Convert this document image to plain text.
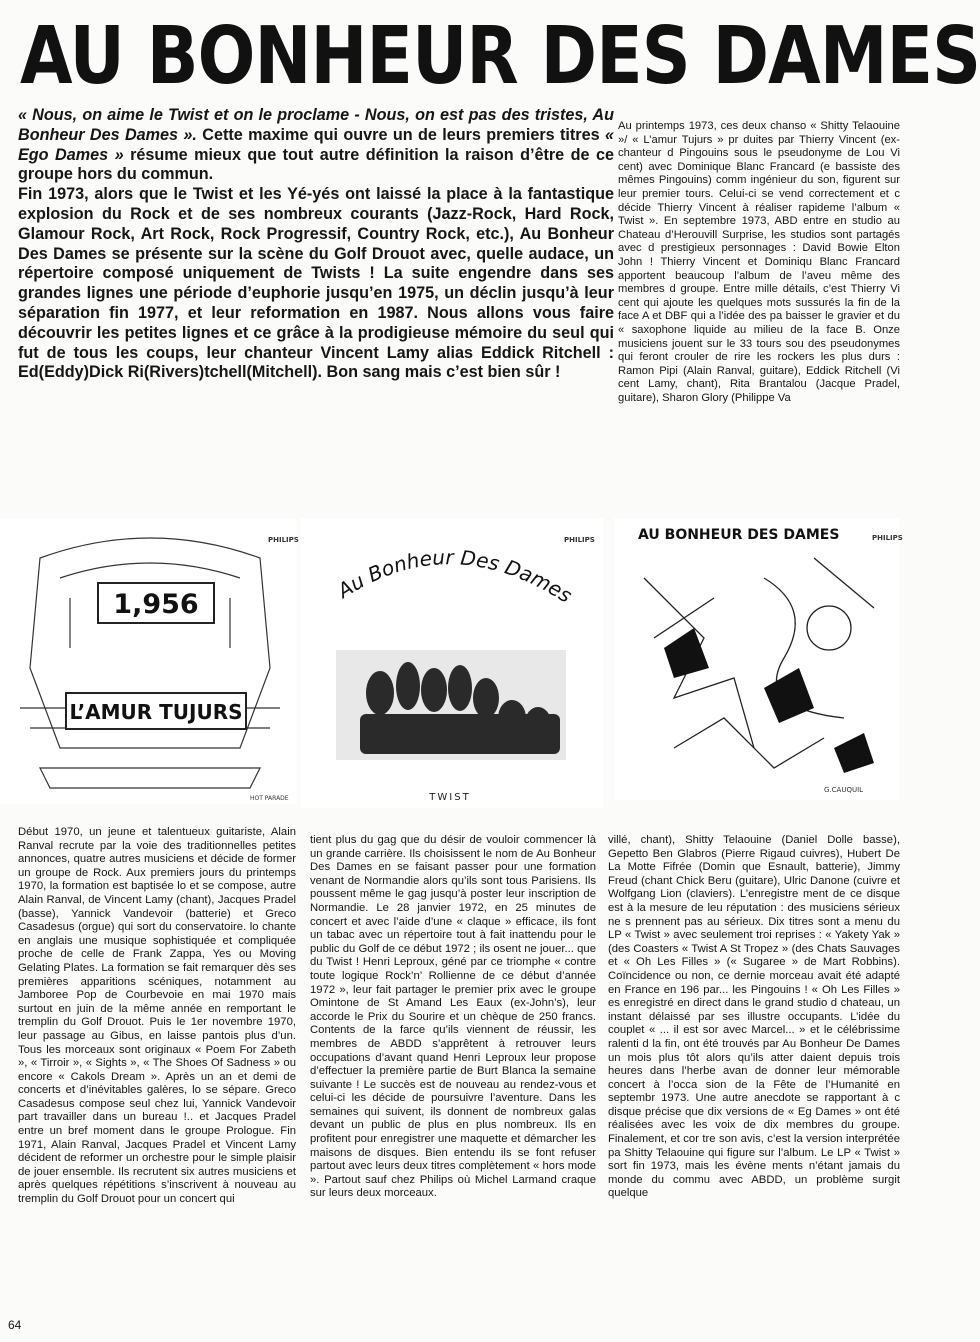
AU BONHEUR DES DAMES

« Nous, on aime le Twist et on le proclame - Nous, on est pas des tristes, Au Bonheur Des Dames ». Cette maxime qui ouvre un de leurs premiers titres « Ego Dames » résume mieux que tout autre définition la raison d’être de ce groupe hors du commun.

Fin 1973, alors que le Twist et les Yé-yés ont laissé la place à la fantastique explosion du Rock et de ses nombreux courants (Jazz-Rock, Hard Rock, Glamour Rock, Art Rock, Rock Progressif, Country Rock, etc.), Au Bonheur Des Dames se présente sur la scène du Golf Drouot avec, quelle audace, un répertoire composé uniquement de Twists ! La suite engendre dans ses grandes lignes une période d’euphorie jusqu’en 1975, un déclin jusqu’à leur séparation fin 1977, et leur reformation en 1987. Nous allons vous faire découvrir les petites lignes et ce grâce à la prodigieuse mémoire du seul qui fut de tous les coups, leur chanteur Vincent Lamy alias Eddick Ritchell : Ed(Eddy)Dick Ri(Rivers)tchell(Mitchell). Bon sang mais c’est bien sûr !

Au printemps 1973, ces deux chanso « Shitty Telaouine »/ « L’amur Tujurs » pr duites par Thierry Vincent (ex-chanteur d Pingouins sous le pseudonyme de Lou Vi cent) avec Dominique Blanc Francard (e bassiste des mêmes Pingouins) comm ingénieur du son, figurent sur leur premier tours. Celui-ci se vend correctement et c décide Thierry Vincent à réaliser rapideme l’album « Twist ». En septembre 1973, ABD entre en studio au Chateau d’Herouvill Surprise, les studios sont partagés avec d prestigieux personnages : David Bowie Elton John ! Thierry Vincent et Dominiqu Blanc Francard apportent beaucoup l’album de l’aveu même des membres d groupe. Entre mille détails, c’est Thierry Vi cent qui ajoute les quelques mots sussurés la fin de la face A et DBF qui a l’idée des pa baisser le gravier et du « saxophone liquide au milieu de la face B. Onze musiciens jouent sur le 33 tours sou des pseudonymes qui feront crouler de rire les rockers les plus durs : Ramon Pipi (Alain Ranval, guitare), Eddick Ritchell (Vi cent Lamy, chant), Rita Brantalou (Jacque Pradel, guitare), Sharon Glory (Philippe Va

1,956
L’AMUR TUJURS
HOT PARADE
PHILIPS
Au Bonheur Des Dames
TWIST
PHILIPS	AU BONHEUR DES DAMES	PHILIPS
G.CAUQUIL

Début 1970, un jeune et talentueux guitariste, Alain Ranval recrute par la voie des traditionnelles petites annonces, quatre autres musiciens et décide de former un groupe de Rock. Aux premiers jours du printemps 1970, la formation est baptisée lo et se compose, autre Alain Ranval, de Vincent Lamy (chant), Jacques Pradel (basse), Yannick Vandevoir (batterie) et Greco Casadesus (orgue) qui sort du conservatoire. lo chante en anglais une musique sophistiquée et compliquée proche de celle de Frank Zappa, Yes ou Moving Gelating Plates. La formation se fait remarquer dès ses premières apparitions scéniques, notamment au Jamboree Pop de Courbevoie en mai 1970 mais surtout en juin de la même année en remportant le tremplin du Golf Drouot. Puis le 1er novembre 1970, leur passage au Gibus, en laisse pantois plus d’un. Tous les morceaux sont originaux « Poem For Zabeth », « Tirroir », « Sights », « The Shoes Of Sadness » ou encore « Cakols Dream ». Après un an et demi de concerts et d’inévitables galères, lo se sépare. Greco Casadesus compose seul chez lui, Yannick Vandevoir part travailler dans un bureau !.. et Jacques Pradel entre un bref moment dans le groupe Prologue. Fin 1971, Alain Ranval, Jacques Pradel et Vincent Lamy décident de reformer un orchestre pour le simple plaisir de jouer ensemble. Ils recrutent six autres musiciens et après quelques répétitions s’inscrivent à nouveau au tremplin du Golf Drouot pour un concert qui

tient plus du gag que du désir de vouloir commencer là un grande carrière. Ils choisissent le nom de Au Bonheur Des Dames en se faisant passer pour une formation venant de Normandie alors qu’ils sont tous Parisiens. Ils poussent même le gag jusqu’à poster leur inscription de Normandie. Le 28 janvier 1972, en 25 minutes de concert et avec l’aide d’une « claque » efficace, ils font un tabac avec un répertoire tout à fait inattendu pour le public du Golf de ce début 1972 ; ils osent ne jouer... que du Twist ! Henri Leproux, géné par ce triomphe « contre toute logique Rock’n’ Rollienne de ce début d’année 1972 », leur fait partager le premier prix avec le groupe Omintone de St Amand Les Eaux (ex-John’s), leur accorde le Prix du Sourire et un chèque de 250 francs. Contents de la farce qu’ils viennent de réussir, les membres de ABDD s’apprêtent à retrouver leurs occupations d’avant quand Henri Leproux leur propose d’effectuer la première partie de Burt Blanca la semaine suivante ! Le succès est de nouveau au rendez-vous et celui-ci les décide de poursuivre l’aventure. Dans les semaines qui suivent, ils donnent de nombreux galas devant un public de plus en plus nombreux. Ils en profitent pour enregistrer une maquette et démarcher les maisons de disques. Bien entendu ils se font refuser partout avec leurs deux titres complètement « hors mode ». Partout sauf chez Philips où Michel Larmand craque sur leurs deux morceaux.

villé, chant), Shitty Telaouine (Daniel Dolle basse), Gepetto Ben Glabros (Pierre Rigaud cuivres), Hubert De La Motte Fifrée (Domin que Esnault, batterie), Jimmy Freud (chant Chick Beru (guitare), Ulric Danone (cuivre et Wolfgang Lion (claviers). L’enregistre ment de ce disque est à la mesure de leu réputation : des musiciens sérieux ne s prennent pas au sérieux. Dix titres sont a menu du LP « Twist » avec seulement troi reprises : « Yakety Yak » (des Coasters « Twist A St Tropez » (des Chats Sauvages et « Oh Les Filles » (« Sugaree » de Mart Robbins). Coïncidence ou non, ce dernie morceau avait été adapté en France en 196 par... les Pingouins ! « Oh Les Filles » es enregistré en direct dans le grand studio d chateau, un instant délaissé par ses illustre occupants. L’idée du couplet « ... il est sor avec Marcel... » et le célébrissime ralenti d la fin, ont été trouvés par Au Bonheur De Dames un mois plus tôt alors qu’ils atter daient depuis trois heures dans l’herbe avan de donner leur mémorable concert à l’occa sion de la Fête de l’Humanité en septembr 1973. Une autre anecdote se rapportant à c disque précise que dix versions de « Eg Dames » ont été réalisées avec les voix de dix membres du groupe. Finalement, et cor tre son avis, c’est la version interprétée pa Shitty Telaouine qui figure sur l’album. Le LP « Twist » sort fin 1973, mais les évène ments n’étant jamais du monde du commu avec ABDD, un problème surgit quelque

64
